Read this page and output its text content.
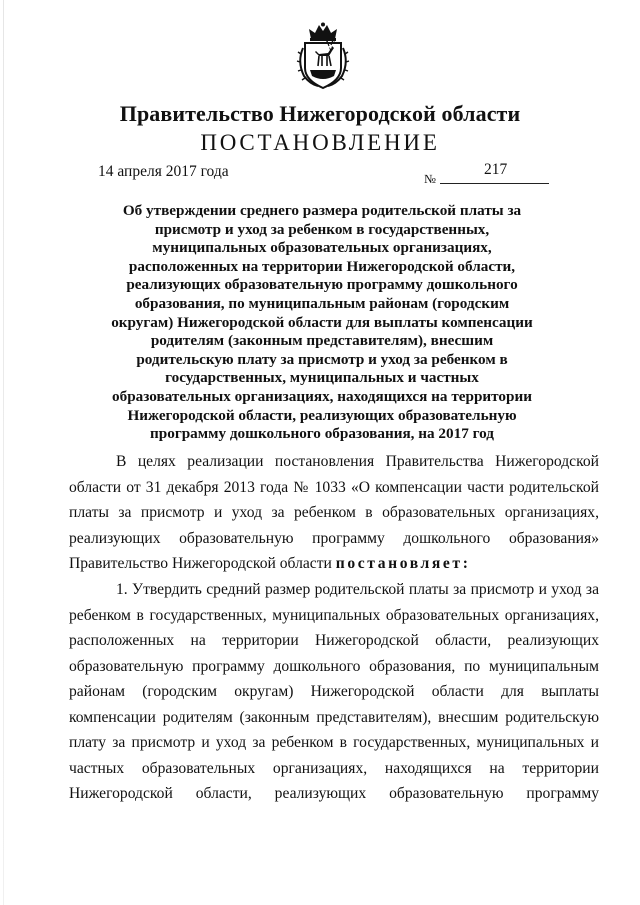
Правительство Нижегородской области
ПОСТАНОВЛЕНИЕ
14 апреля 2017 года	№
217
Об утверждении среднего размера родительской платы за
присмотр и уход за ребенком в государственных,
муниципальных образовательных организациях,
расположенных на территории Нижегородской области,
реализующих образовательную программу дошкольного
образования, по муниципальным районам (городским
округам) Нижегородской области для выплаты компенсации
родителям (законным представителям), внесшим
родительскую плату за присмотр и уход за ребенком в
государственных, муниципальных и частных
образовательных организациях, находящихся на территории
Нижегородской области, реализующих образовательную
программу дошкольного образования, на 2017 год
В целях реализации постановления Правительства Нижегородской
области от 31 декабря 2013 года № 1033 «О компенсации части родительской
платы за присмотр и уход за ребенком в образовательных организациях,
реализующих образовательную программу дошкольного образования»
Правительство Нижегородской области постановляет:
1. Утвердить средний размер родительской платы за присмотр и уход за
ребенком в государственных, муниципальных образовательных организациях,
расположенных на территории Нижегородской области, реализующих
образовательную программу дошкольного образования, по муниципальным
районам (городским округам) Нижегородской области для выплаты
компенсации родителям (законным представителям), внесшим родительскую
плату за присмотр и уход за ребенком в государственных, муниципальных и
частных образовательных организациях, находящихся на территории
Нижегородской области, реализующих образовательную программу
